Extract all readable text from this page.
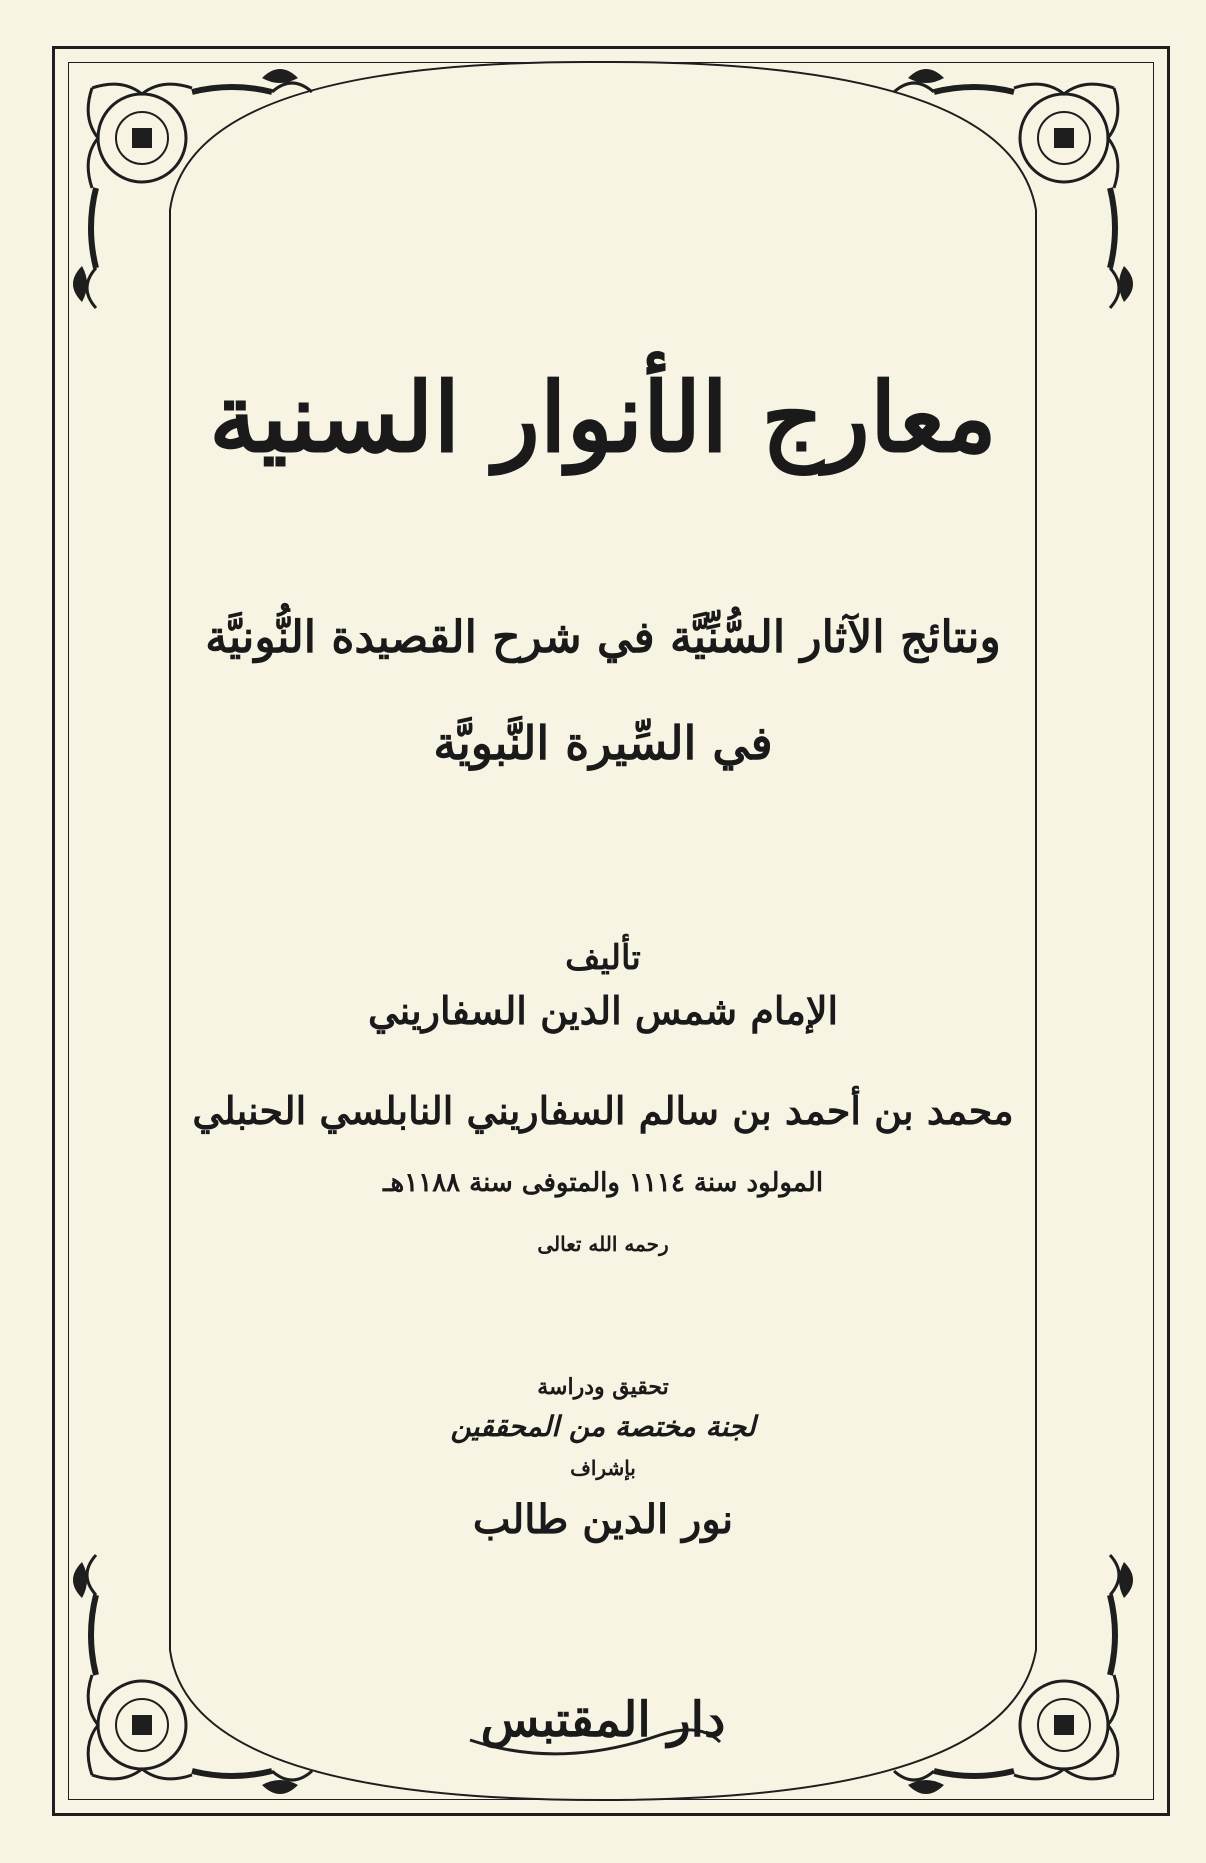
معارج الأنوار السنية
ونتائج الآثار السُّنِّيَّة في شرح القصيدة النُّونيَّة
في السِّيرة النَّبويَّة
تأليف
الإمام شمس الدين السفاريني
محمد بن أحمد بن سالم السفاريني النابلسي الحنبلي
المولود سنة ١١١٤ والمتوفى سنة ١١٨٨هـ
رحمه الله تعالى
تحقيق ودراسة
لجنة مختصة من المحققين
بإشراف
نور الدين طالب
دار المقتبس
